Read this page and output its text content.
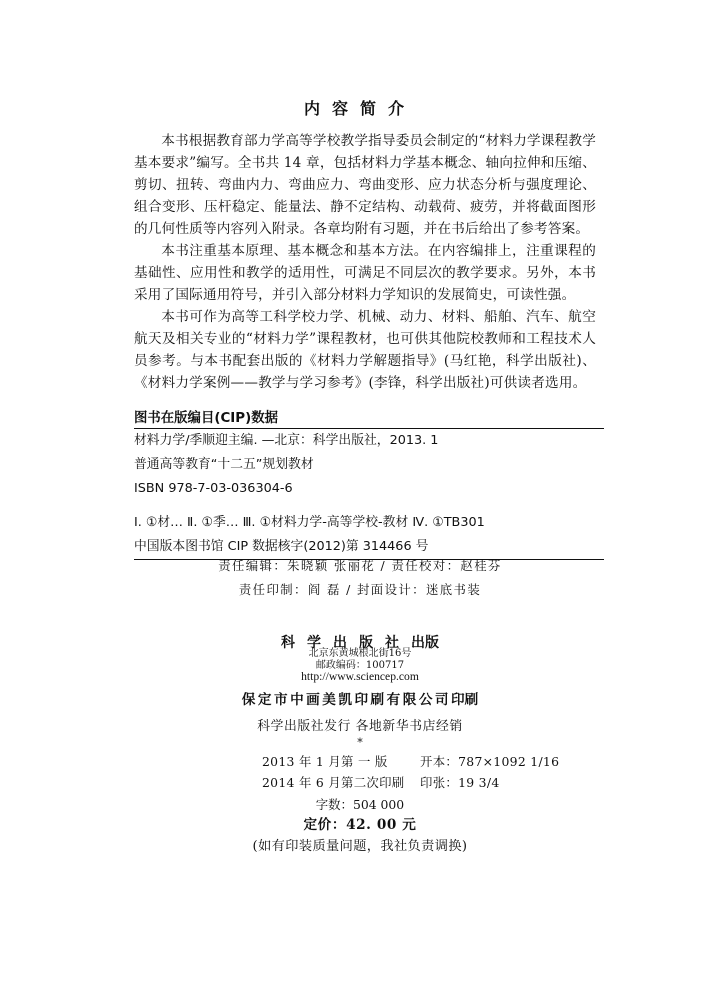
内容简介

本书根据教育部力学高等学校教学指导委员会制定的“材料力学课程教学基本要求”编写。全书共 14 章，包括材料力学基本概念、轴向拉伸和压缩、剪切、扭转、弯曲内力、弯曲应力、弯曲变形、应力状态分析与强度理论、组合变形、压杆稳定、能量法、静不定结构、动载荷、疲劳，并将截面图形的几何性质等内容列入附录。各章均附有习题，并在书后给出了参考答案。

本书注重基本原理、基本概念和基本方法。在内容编排上，注重课程的基础性、应用性和教学的适用性，可满足不同层次的教学要求。另外，本书采用了国际通用符号，并引入部分材料力学知识的发展简史，可读性强。

本书可作为高等工科学校力学、机械、动力、材料、船舶、汽车、航空航天及相关专业的“材料力学”课程教材，也可供其他院校教师和工程技术人员参考。与本书配套出版的《材料力学解题指导》(马红艳，科学出版社)、《材料力学案例——教学与学习参考》(李锋，科学出版社)可供读者选用。

图书在版编目(CIP)数据
材料力学/季顺迎主编. —北京：科学出版社，2013. 1
普通高等教育“十二五”规划教材
ISBN 978-7-03-036304-6
Ⅰ. ①材… Ⅱ. ①季… Ⅲ. ①材料力学-高等学校-教材 Ⅳ. ①TB301
中国版本图书馆 CIP 数据核字(2012)第 314466 号
责任编辑：朱晓颖 张丽花 / 责任校对：赵桂芬
责任印制：阎 磊 / 封面设计：迷底书装
科学出版社出版
北京东黄城根北街16号
邮政编码：100717
http://www.sciencep.com
保定市中画美凯印刷有限公司印刷
科学出版社发行 各地新华书店经销
*
2013 年 1 月第 一 版	开本：787×1092 1/16
2014 年 6 月第二次印刷 印张：19 3/4
字数：504 000
定价：42. 00 元
(如有印装质量问题，我社负责调换)
